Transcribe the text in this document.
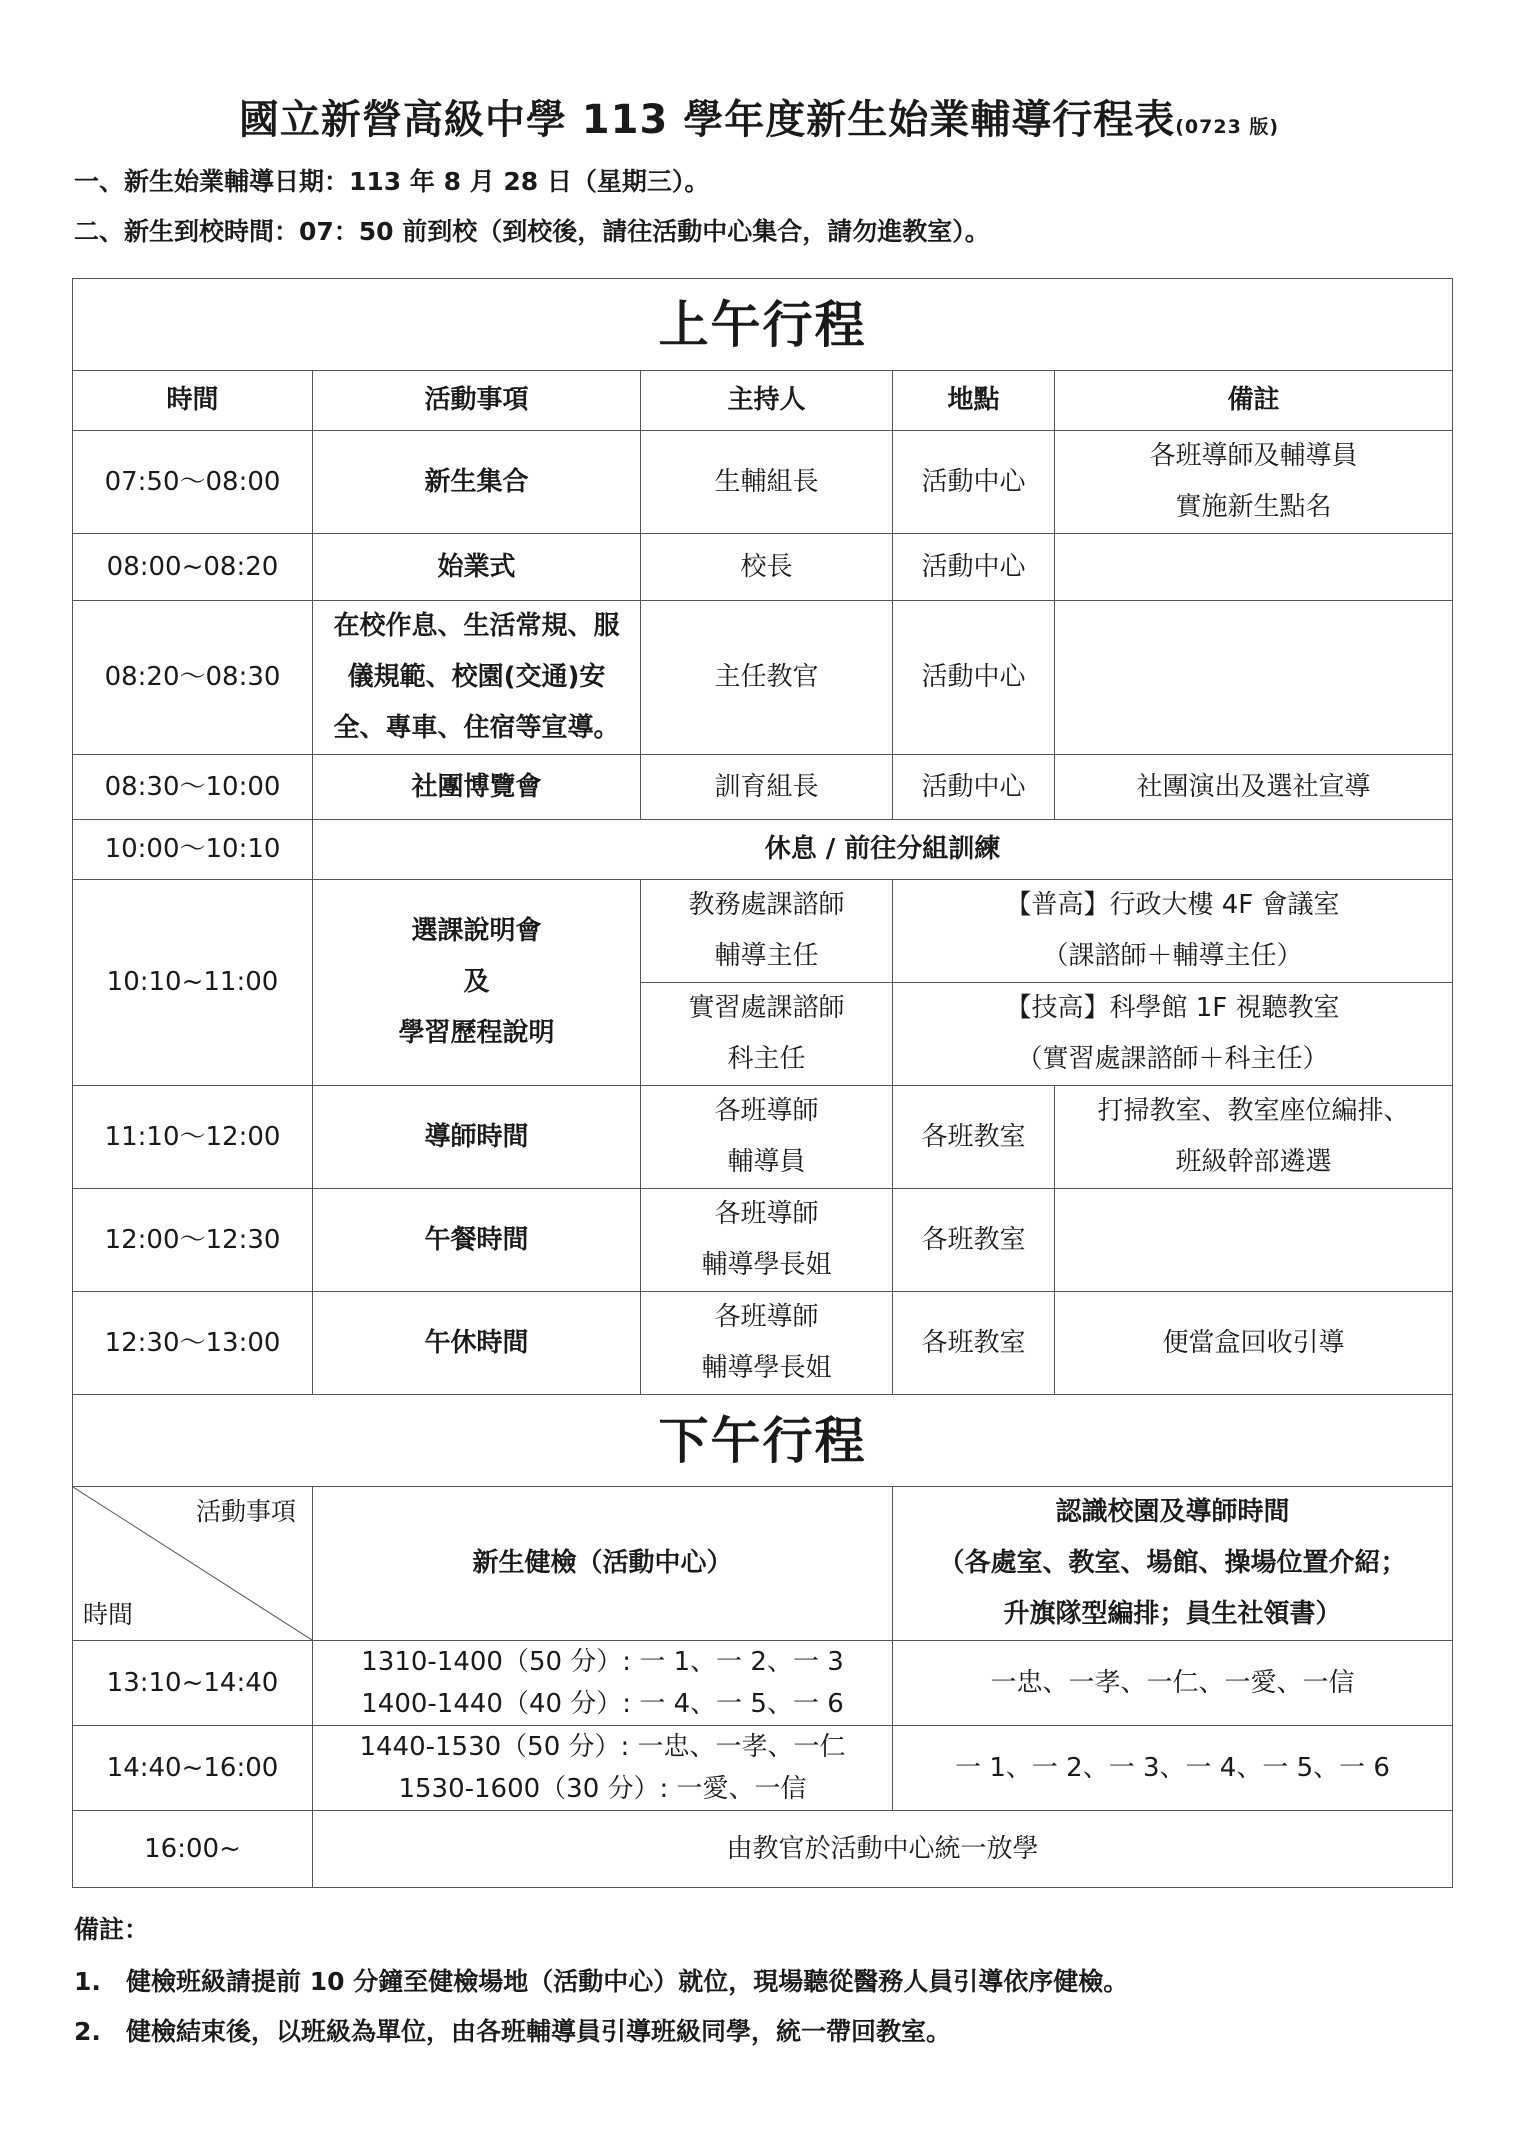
國立新營高級中學 113 學年度新生始業輔導行程表(0723 版)
一、新生始業輔導日期：113 年 8 月 28 日（星期三）。
二、新生到校時間：07：50 前到校（到校後，請往活動中心集合，請勿進教室）。
上午行程				
時間	活動事項	主持人	地點	備註
07:50～08:00	新生集合	生輔組長	活動中心	各班導師及輔導員
實施新生點名

08:00~08:20	始業式	校長	活動中心	
08:20～08:30	在校作息、生活常規、服
儀規範、校園(交通)安
全、專車、住宿等宣導。	主任教官	活動中心	
08:30～10:00	社團博覽會	訓育組長	活動中心	社團演出及選社宣導
10:00～10:10	休息 / 前往分組訓練			
10:10~11:00	選課說明會
及
學習歷程說明	教務處課諮師
輔導主任	【普高】行政大樓 4F 會議室
（課諮師＋輔導主任）	

		實習處課諮師
科主任	【技高】科學館 1F 視聽教室
（實習處課諮師＋科主任）	

11:10～12:00	導師時間	各班導師
輔導員	各班教室	打掃教室、教室座位編排、
班級幹部遴選

12:00～12:30	午餐時間	各班導師
輔導學長姐	各班教室	
12:30～13:00	午休時間	各班導師
輔導學長姐	各班教室	便當盒回收引導
下午行程				

活動事項
時間	新生健檢（活動中心）		認識校園及導師時間
（各處室、教室、場館、操場位置介紹；
升旗隊型編排；員生社領書）	

13:10~14:40	1310-1400（50 分）: 一 1、一 2、一 3
1400-1440（40 分）: 一 4、一 5、一 6		一忠、一孝、一仁、一愛、一信	
14:40~16:00	1440-1530（50 分）: 一忠、一孝、一仁
1530-1600（30 分）: 一愛、一信		一 1、一 2、一 3、一 4、一 5、一 6	
16:00~	由教官於活動中心統一放學			
備註：
1. 健檢班級請提前 10 分鐘至健檢場地（活動中心）就位，現場聽從醫務人員引導依序健檢。
2. 健檢結束後，以班級為單位，由各班輔導員引導班級同學，統一帶回教室。
